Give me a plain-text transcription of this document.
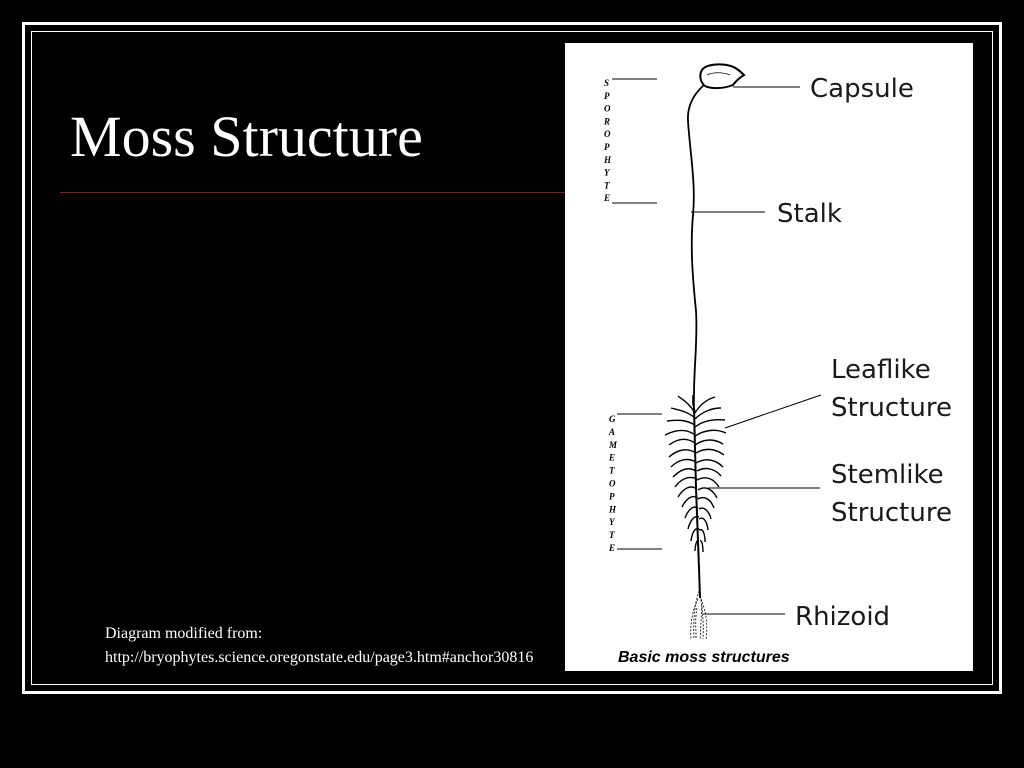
Moss Structure
Diagram modified from:
http://bryophytes.science.oregonstate.edu/page3.htm#anchor30816
S
P
O
R
O
P
H
Y
T
E
G
A
M
E
T
O
P
H
Y
T
E
Capsule
Stalk
Leaflike
Structure
Stemlike
Structure
Rhizoid
Basic moss structures
